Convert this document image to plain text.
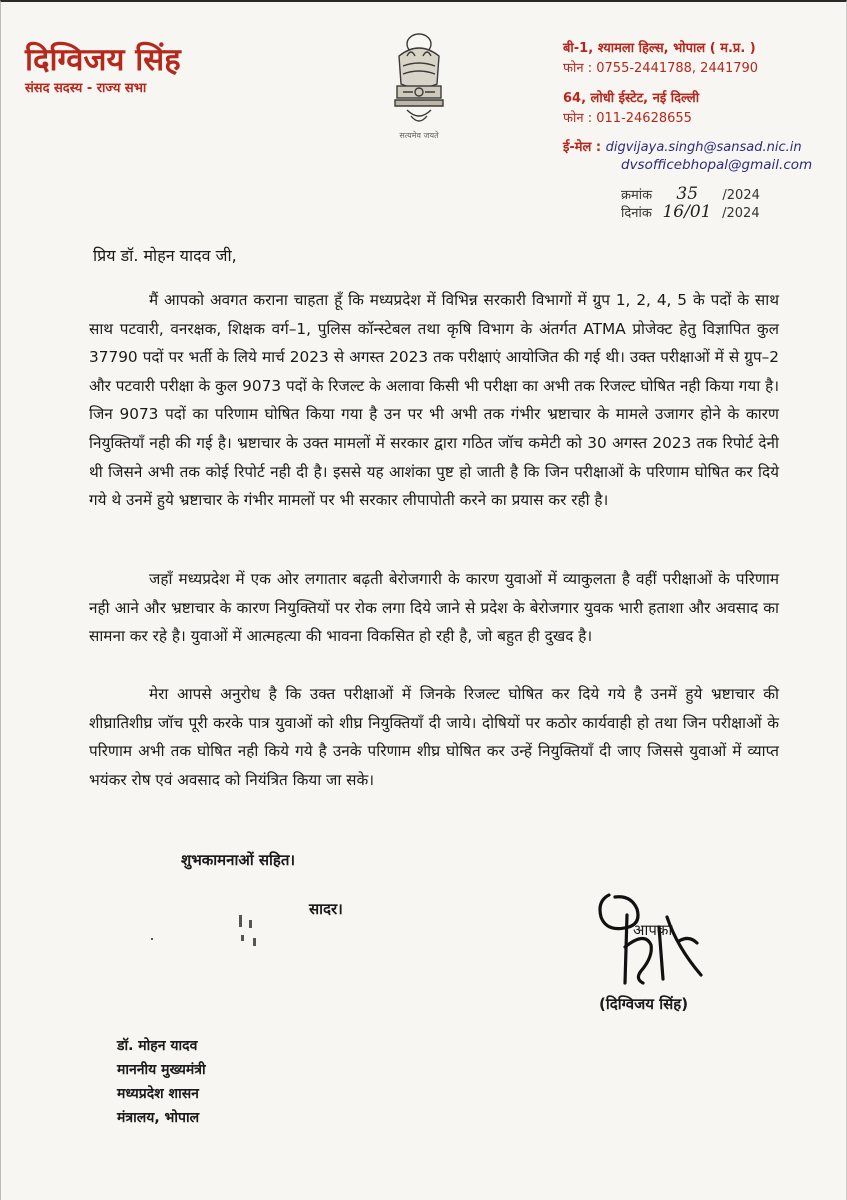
दिग्विजय सिंह
संसद सदस्य - राज्य सभा
सत्यमेव जयते
बी-1, श्यामला हिल्स, भोपाल ( म.प्र. )
फोन : 0755-2441788, 2441790
64, लोधी ईस्टेट, नई दिल्ली
फोन : 011-24628655
ई-मेल : digvijaya.singh@sansad.nic.in
dvsofficebhopal@gmail.com
क्रमांक 35 /2024
दिनांक 16/01 /2024
प्रिय डॉ. मोहन यादव जी,
मैं आपको अवगत कराना चाहता हूँ कि मध्यप्रदेश में विभिन्न सरकारी विभागों में ग्रुप 1, 2, 4, 5 के पदों के साथ साथ पटवारी, वनरक्षक, शिक्षक वर्ग–1, पुलिस कॉन्स्टेबल तथा कृषि विभाग के अंतर्गत ATMA प्रोजेक्ट हेतु विज्ञापित कुल 37790 पदों पर भर्ती के लिये मार्च 2023 से अगस्त 2023 तक परीक्षाएं आयोजित की गई थी। उक्त परीक्षाओं में से ग्रुप–2 और पटवारी परीक्षा के कुल 9073 पदों के रिजल्ट के अलावा किसी भी परीक्षा का अभी तक रिजल्ट घोषित नही किया गया है। जिन 9073 पदों का परिणाम घोषित किया गया है उन पर भी अभी तक गंभीर भ्रष्टाचार के मामले उजागर होने के कारण नियुक्तियॉं नही की गई है। भ्रष्टाचार के उक्त मामलों में सरकार द्वारा गठित जॉच कमेटी को 30 अगस्त 2023 तक रिपोर्ट देनी थी जिसने अभी तक कोई रिपोर्ट नही दी है। इससे यह आशंका पुष्ट हो जाती है कि जिन परीक्षाओं के परिणाम घोषित कर दिये गये थे उनमें हुये भ्रष्टाचार के गंभीर मामलों पर भी सरकार लीपापोती करने का प्रयास कर रही है।
जहॉं मध्यप्रदेश में एक ओर लगातार बढ़ती बेरोजगारी के कारण युवाओं में व्याकुलता है वहीं परीक्षाओं के परिणाम नही आने और भ्रष्टाचार के कारण नियुक्तियों पर रोक लगा दिये जाने से प्रदेश के बेरोजगार युवक भारी हताशा और अवसाद का सामना कर रहे है। युवाओं में आत्महत्या की भावना विकसित हो रही है, जो बहुत ही दुखद है।
मेरा आपसे अनुरोध है कि उक्त परीक्षाओं में जिनके रिजल्ट घोषित कर दिये गये है उनमें हुये भ्रष्टाचार की शीघ्रातिशीघ्र जॉच पूरी करके पात्र युवाओं को शीघ्र नियुक्तियॉं दी जाये। दोषियों पर कठोर कार्यवाही हो तथा जिन परीक्षाओं के परिणाम अभी तक घोषित नही किये गये है उनके परिणाम शीघ्र घोषित कर उन्हें नियुक्तियॉं दी जाए जिससे युवाओं में व्याप्त भयंकर रोष एवं अवसाद को नियंत्रित किया जा सके।
शुभकामनाओं सहित।
सादर।
आपका
(दिग्विजय सिंह)
डॉ. मोहन यादव
माननीय मुख्यमंत्री
मध्यप्रदेश शासन
मंत्रालय, भोपाल
